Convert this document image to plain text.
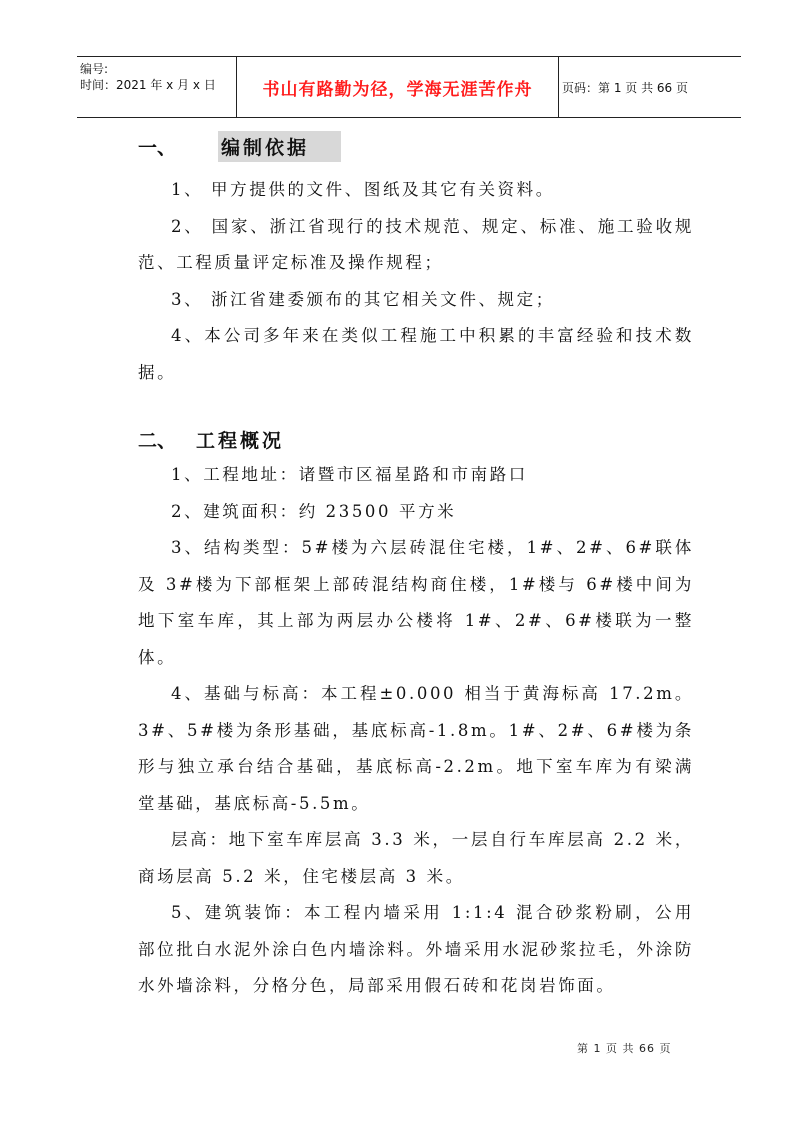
编号:
时间：2021 年 x 月 x 日	书山有路勤为径，学海无涯苦作舟	页码：第 1 页 共 66 页
一、	编制依据

1、 甲方提供的文件、图纸及其它有关资料。

2、 国家、浙江省现行的技术规范、规定、标准、施工验收规范、工程质量评定标准及操作规程；

3、 浙江省建委颁布的其它相关文件、规定；

4、本公司多年来在类似工程施工中积累的丰富经验和技术数据。

二、	工程概况

1、工程地址：诸暨市区福星路和市南路口

2、建筑面积：约 23500 平方米

3、结构类型：5#楼为六层砖混住宅楼，1#、2#、6#联体及 3#楼为下部框架上部砖混结构商住楼，1#楼与 6#楼中间为地下室车库，其上部为两层办公楼将 1#、2#、6#楼联为一整体。

4、基础与标高：本工程±0.000 相当于黄海标高 17.2m。3#、5#楼为条形基础，基底标高-1.8m。1#、2#、6#楼为条形与独立承台结合基础，基底标高-2.2m。地下室车库为有梁满堂基础，基底标高-5.5m。

层高：地下室车库层高 3.3 米，一层自行车库层高 2.2 米，商场层高 5.2 米，住宅楼层高 3 米。

5、建筑装饰：本工程内墙采用 1:1:4 混合砂浆粉刷，公用部位批白水泥外涂白色内墙涂料。外墙采用水泥砂浆拉毛，外涂防水外墙涂料，分格分色，局部采用假石砖和花岗岩饰面。

第 1 页 共 66 页
